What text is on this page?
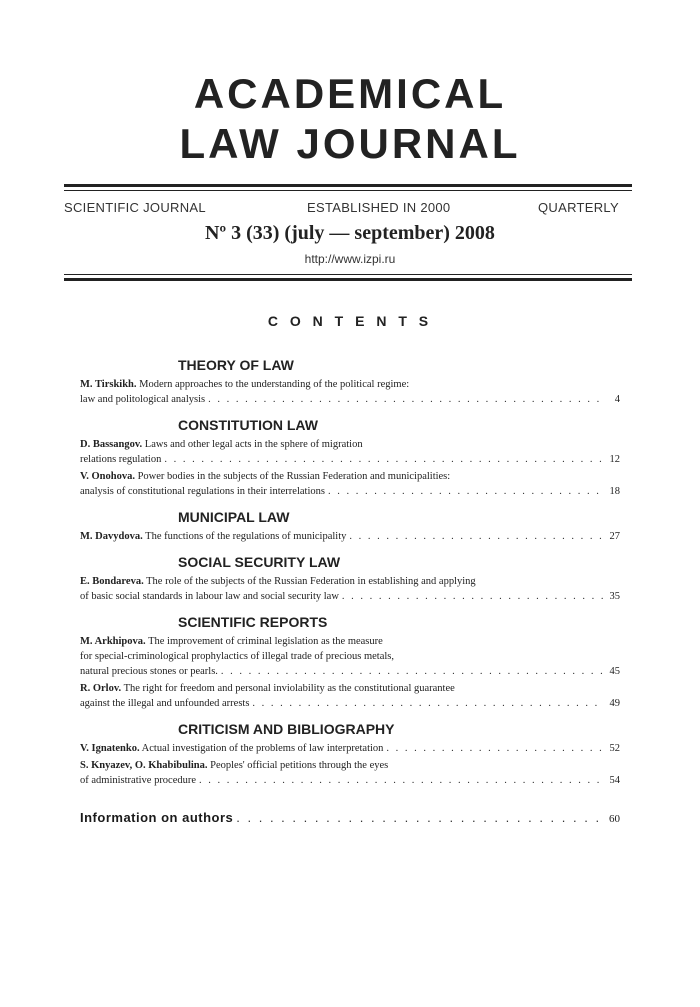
ACADEMICAL
LAW JOURNAL
SCIENTIFIC JOURNAL	ESTABLISHED IN 2000	QUARTERLY
Nº 3 (33) (july — september) 2008
http://www.izpi.ru
C O N T E N T S
THEORY OF LAW
M. Tirskikh. Modern approaches to the understanding of the political regime:
law and politological analysis . . .	4
CONSTITUTION LAW
D. Bassangov. Laws and other legal acts in the sphere of migration
relations regulation . . .	12
V. Onohova. Power bodies in the subjects of the Russian Federation and municipalities:
analysis of constitutional regulations in their interrelations . . .	18
MUNICIPAL LAW
M. Davydova. The functions of the regulations of municipality . . .	27
SOCIAL SECURITY LAW
E. Bondareva. The role of the subjects of the Russian Federation in establishing and applying
of basic social standards in labour law and social security law . . .	35
SCIENTIFIC REPORTS
M. Arkhipova. The improvement of criminal legislation as the measure
for special-criminological prophylactics of illegal trade of precious metals,
natural precious stones or pearls. . . .	45
R. Orlov. The right for freedom and personal inviolability as the constitutional guarantee
against the illegal and unfounded arrests . . .	49
CRITICISM AND BIBLIOGRAPHY
V. Ignatenko. Actual investigation of the problems of law interpretation . . .	52
S. Knyazev, O. Khabibulina. Peoples' official petitions through the eyes
of administrative procedure . . .	54
Information on authors . . .	60
